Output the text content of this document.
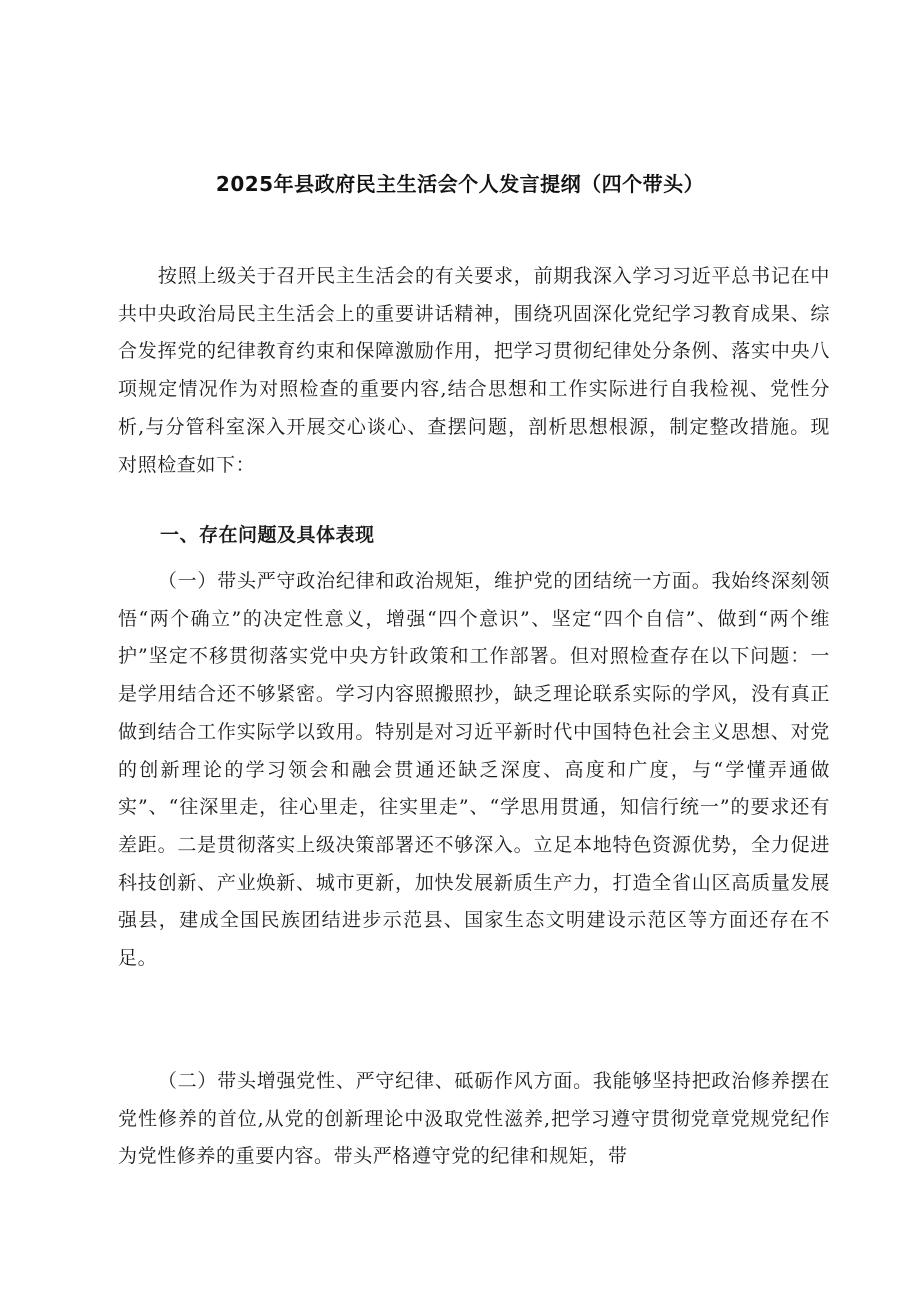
2025年县政府民主生活会个人发言提纲（四个带头）

按照上级关于召开民主生活会的有关要求，前期我深入学习习近平总书记在中共中央政治局民主生活会上的重要讲话精神，围绕巩固深化党纪学习教育成果、综合发挥党的纪律教育约束和保障激励作用，把学习贯彻纪律处分条例、落实中央八项规定情况作为对照检查的重要内容,结合思想和工作实际进行自我检视、党性分析,与分管科室深入开展交心谈心、查摆问题，剖析思想根源，制定整改措施。现对照检查如下：

一、存在问题及具体表现

（一）带头严守政治纪律和政治规矩，维护党的团结统一方面。我始终深刻领悟“两个确立”的决定性意义，增强“四个意识”、坚定“四个自信”、做到“两个维护”坚定不移贯彻落实党中央方针政策和工作部署。但对照检查存在以下问题：一是学用结合还不够紧密。学习内容照搬照抄，缺乏理论联系实际的学风，没有真正做到结合工作实际学以致用。特别是对习近平新时代中国特色社会主义思想、对党的创新理论的学习领会和融会贯通还缺乏深度、高度和广度，与“学懂弄通做实”、“往深里走，往心里走，往实里走”、“学思用贯通，知信行统一”的要求还有差距。二是贯彻落实上级决策部署还不够深入。立足本地特色资源优势，全力促进科技创新、产业焕新、城市更新，加快发展新质生产力，打造全省山区高质量发展强县，建成全国民族团结进步示范县、国家生态文明建设示范区等方面还存在不足。

（二）带头增强党性、严守纪律、砥砺作风方面。我能够坚持把政治修养摆在党性修养的首位,从党的创新理论中汲取党性滋养,把学习遵守贯彻党章党规党纪作为党性修养的重要内容。带头严格遵守党的纪律和规矩，带
